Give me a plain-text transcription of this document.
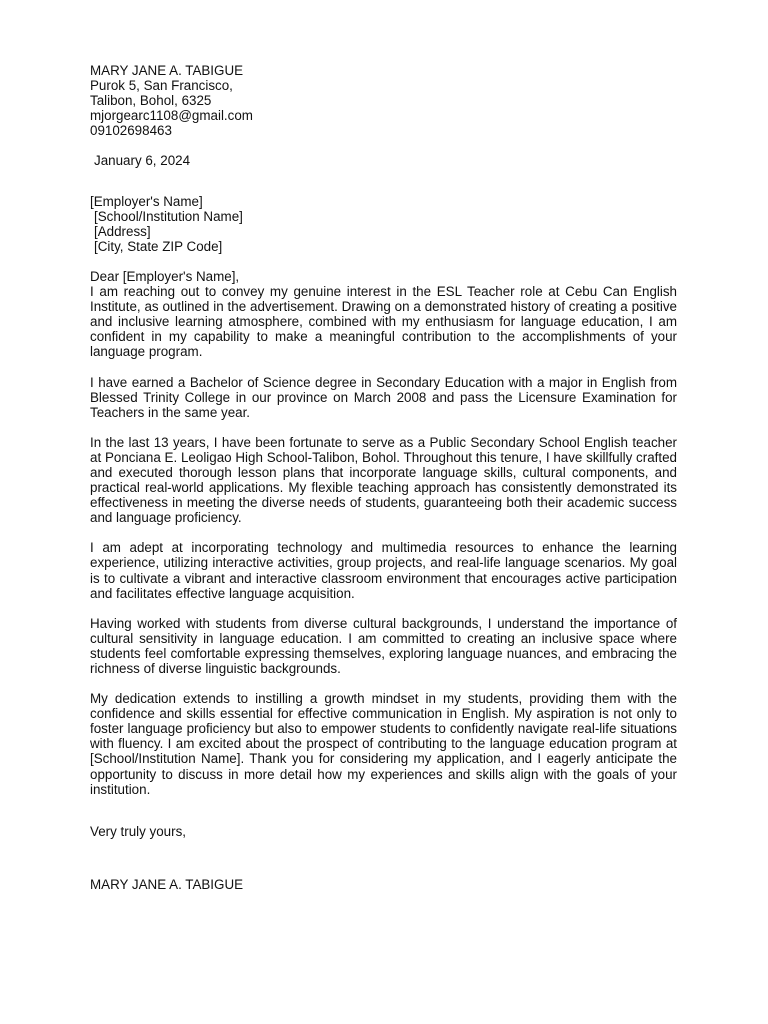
MARY JANE A. TABIGUE
Purok 5, San Francisco,
Talibon, Bohol, 6325
mjorgearc1108@gmail.com
09102698463
January 6, 2024
[Employer's Name]
[School/Institution Name]
[Address]
[City, State ZIP Code]
Dear [Employer's Name],

I am reaching out to convey my genuine interest in the ESL Teacher role at Cebu Can English Institute, as outlined in the advertisement. Drawing on a demonstrated history of creating a positive and inclusive learning atmosphere, combined with my enthusiasm for language education, I am confident in my capability to make a meaningful contribution to the accomplishments of your language program.

I have earned a Bachelor of Science degree in Secondary Education with a major in English from Blessed Trinity College in our province on March 2008 and pass the Licensure Examination for Teachers in the same year.

In the last 13 years, I have been fortunate to serve as a Public Secondary School English teacher at Ponciana E. Leoligao High School-Talibon, Bohol. Throughout this tenure, I have skillfully crafted and executed thorough lesson plans that incorporate language skills, cultural components, and practical real-world applications. My flexible teaching approach has consistently demonstrated its effectiveness in meeting the diverse needs of students, guaranteeing both their academic success and language proficiency.

I am adept at incorporating technology and multimedia resources to enhance the learning experience, utilizing interactive activities, group projects, and real-life language scenarios. My goal is to cultivate a vibrant and interactive classroom environment that encourages active participation and facilitates effective language acquisition.

Having worked with students from diverse cultural backgrounds, I understand the importance of cultural sensitivity in language education. I am committed to creating an inclusive space where students feel comfortable expressing themselves, exploring language nuances, and embracing the richness of diverse linguistic backgrounds.

My dedication extends to instilling a growth mindset in my students, providing them with the confidence and skills essential for effective communication in English. My aspiration is not only to foster language proficiency but also to empower students to confidently navigate real-life situations with fluency. I am excited about the prospect of contributing to the language education program at [School/Institution Name]. Thank you for considering my application, and I eagerly anticipate the opportunity to discuss in more detail how my experiences and skills align with the goals of your institution.

Very truly yours,
MARY JANE A. TABIGUE
